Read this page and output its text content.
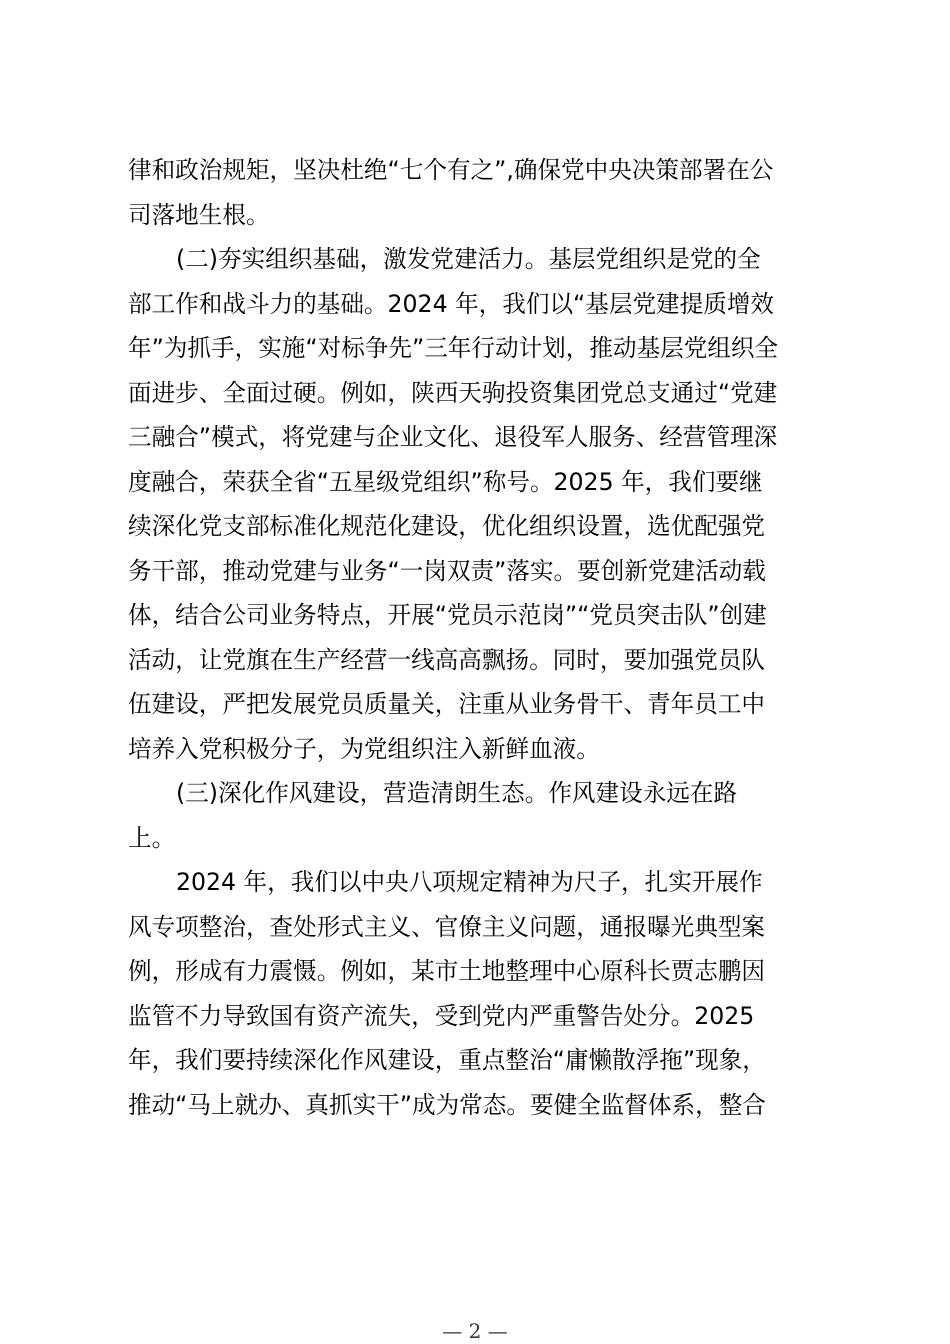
律和政治规矩，坚决杜绝“七个有之”,确保党中央决策部署在公
司落地生根。
(二)夯实组织基础，激发党建活力。基层党组织是党的全
部工作和战斗力的基础。2024 年，我们以“基层党建提质增效
年”为抓手，实施“对标争先”三年行动计划，推动基层党组织全
面进步、全面过硬。例如，陕西天驹投资集团党总支通过“党建
三融合”模式，将党建与企业文化、退役军人服务、经营管理深
度融合，荣获全省“五星级党组织”称号。2025 年，我们要继
续深化党支部标准化规范化建设，优化组织设置，选优配强党
务干部，推动党建与业务“一岗双责”落实。要创新党建活动载
体，结合公司业务特点，开展“党员示范岗”“党员突击队”创建
活动，让党旗在生产经营一线高高飘扬。同时，要加强党员队
伍建设，严把发展党员质量关，注重从业务骨干、青年员工中
培养入党积极分子，为党组织注入新鲜血液。
(三)深化作风建设，营造清朗生态。作风建设永远在路
上。
2024 年，我们以中央八项规定精神为尺子，扎实开展作
风专项整治，查处形式主义、官僚主义问题，通报曝光典型案
例，形成有力震慑。例如，某市土地整理中心原科长贾志鹏因
监管不力导致国有资产流失，受到党内严重警告处分。2025
年，我们要持续深化作风建设，重点整治“庸懒散浮拖”现象，
推动“马上就办、真抓实干”成为常态。要健全监督体系，整合
— 2 —
